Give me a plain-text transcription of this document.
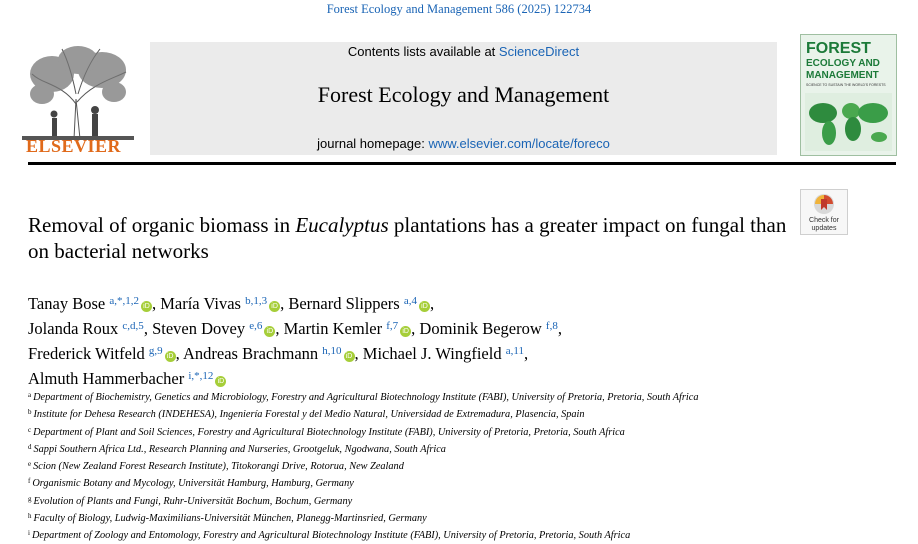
Forest Ecology and Management 586 (2025) 122734
ELSEVIER
Contents lists available at ScienceDirect
Forest Ecology and Management
journal homepage: www.elsevier.com/locate/foreco
FOREST
ECOLOGY AND
MANAGEMENT
SCIENCE TO SUSTAIN THE WORLD'S FORESTS
Check for
updates
Removal of organic biomass in Eucalyptus plantations has a greater impact on fungal than on bacterial networks
Tanay Bose $^{a,*,1,2}$ iD , María Vivas $^{b,1,3}$ iD , Bernard Slippers $^{a,4}$ iD ,
Jolanda Roux $^{c,d,5}$, Steven Dovey $^{e,6}$ iD , Martin Kemler $^{f,7}$ iD , Dominik Begerow $^{f,8}$,
Frederick Witfeld $^{g,9}$ iD , Andreas Brachmann $^{h,10}$ iD , Michael J. Wingfield $^{a,11}$,
Almuth Hammerbacher $^{i,*,12}$ iD
$^a$ Department of Biochemistry, Genetics and Microbiology, Forestry and Agricultural Biotechnology Institute (FABI), University of Pretoria, Pretoria, South Africa
$^b$ Institute for Dehesa Research (INDEHESA), Ingeniería Forestal y del Medio Natural, Universidad de Extremadura, Plasencia, Spain
$^c$ Department of Plant and Soil Sciences, Forestry and Agricultural Biotechnology Institute (FABI), University of Pretoria, Pretoria, South Africa
$^d$ Sappi Southern Africa Ltd., Research Planning and Nurseries, Grootgeluk, Ngodwana, South Africa
$^e$ Scion (New Zealand Forest Research Institute), Titokorangi Drive, Rotorua, New Zealand
$^f$ Organismic Botany and Mycology, Universität Hamburg, Hamburg, Germany
$^g$ Evolution of Plants and Fungi, Ruhr-Universität Bochum, Bochum, Germany
$^h$ Faculty of Biology, Ludwig-Maximilians-Universität München, Planegg-Martinsried, Germany
$^i$ Department of Zoology and Entomology, Forestry and Agricultural Biotechnology Institute (FABI), University of Pretoria, Pretoria, South Africa
